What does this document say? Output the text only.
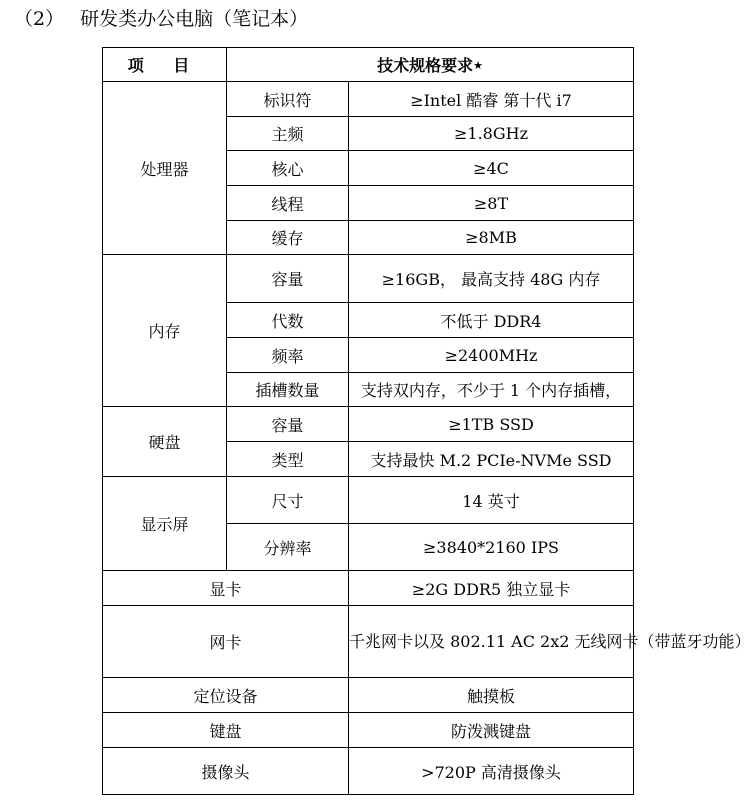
（2） 研发类办公电脑（笔记本）
项 目	技术规格要求★	
处理器	标识符	≥Intel 酷睿 第十代 i7
	主频	≥1.8GHz
	核心	≥4C
	线程	≥8T
	缓存	≥8MB
内存	容量	≥16GB， 最高支持 48G 内存
	代数	不低于 DDR4
	频率	≥2400MHz
	插槽数量	支持双内存，不少于 1 个内存插槽，
硬盘	容量	≥1TB SSD
	类型	支持最快 M.2 PCIe-NVMe SSD
显示屏	尺寸	14 英寸
	分辨率	≥3840*2160 IPS
显卡		≥2G DDR5 独立显卡
网卡		千兆网卡以及 802.11 AC 2x2 无线网卡（带蓝牙功能）
定位设备		触摸板
键盘		防泼溅键盘
摄像头		>720P 高清摄像头
